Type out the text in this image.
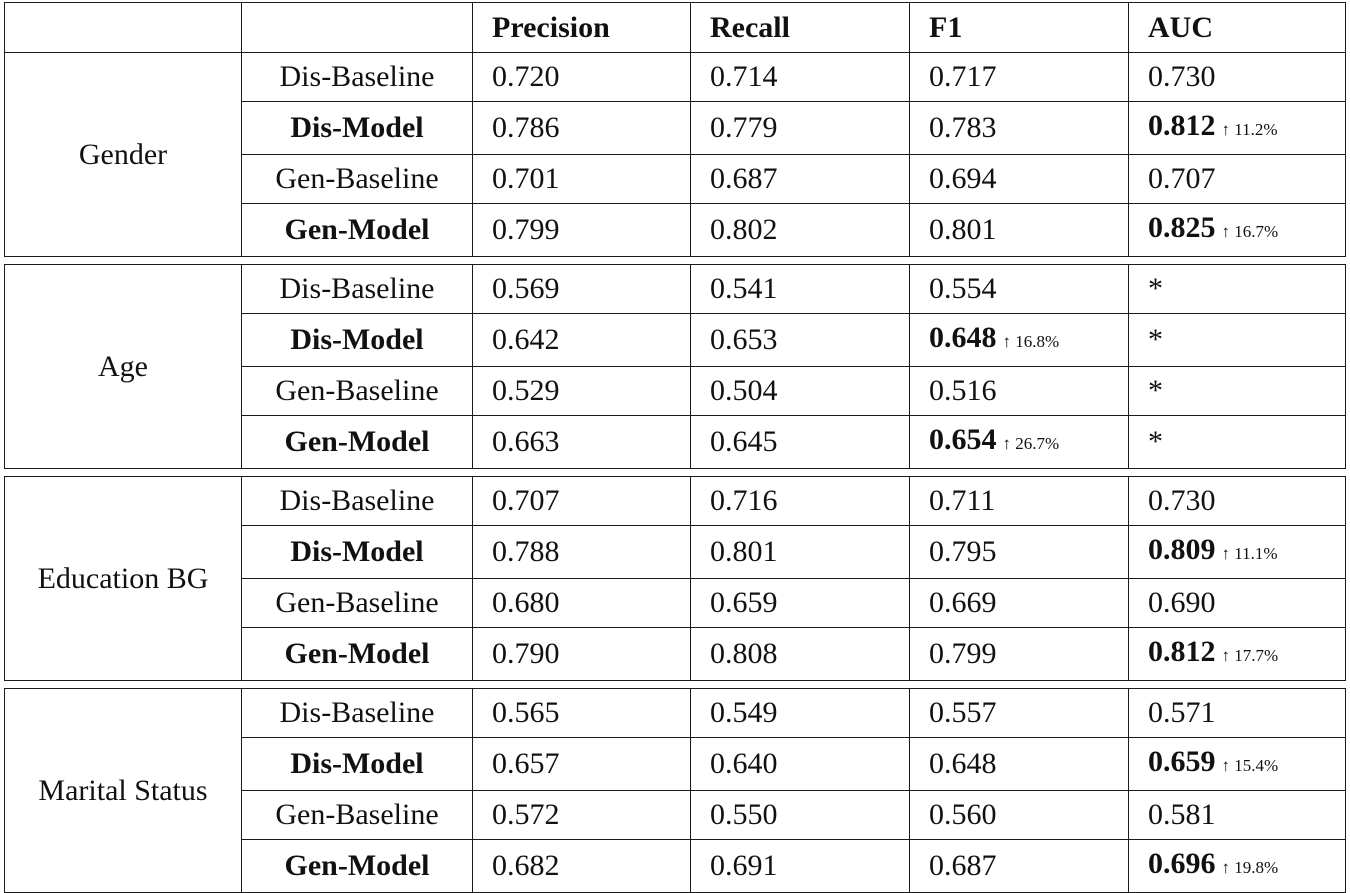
		Precision	Recall	F1	AUC
Gender	Dis-Baseline	0.720	0.714	0.717	0.730
	Dis-Model	0.786	0.779	0.783	0.812 ↑ 11.2%
	Gen-Baseline	0.701	0.687	0.694	0.707
	Gen-Model	0.799	0.802	0.801	0.825 ↑ 16.7%

Age	Dis-Baseline	0.569	0.541	0.554	*
	Dis-Model	0.642	0.653	0.648 ↑ 16.8%	*
	Gen-Baseline	0.529	0.504	0.516	*
	Gen-Model	0.663	0.645	0.654 ↑ 26.7%	*

Education BG	Dis-Baseline	0.707	0.716	0.711	0.730
	Dis-Model	0.788	0.801	0.795	0.809 ↑ 11.1%
	Gen-Baseline	0.680	0.659	0.669	0.690
	Gen-Model	0.790	0.808	0.799	0.812 ↑ 17.7%

Marital Status	Dis-Baseline	0.565	0.549	0.557	0.571
	Dis-Model	0.657	0.640	0.648	0.659 ↑ 15.4%
	Gen-Baseline	0.572	0.550	0.560	0.581
	Gen-Model	0.682	0.691	0.687	0.696 ↑ 19.8%
